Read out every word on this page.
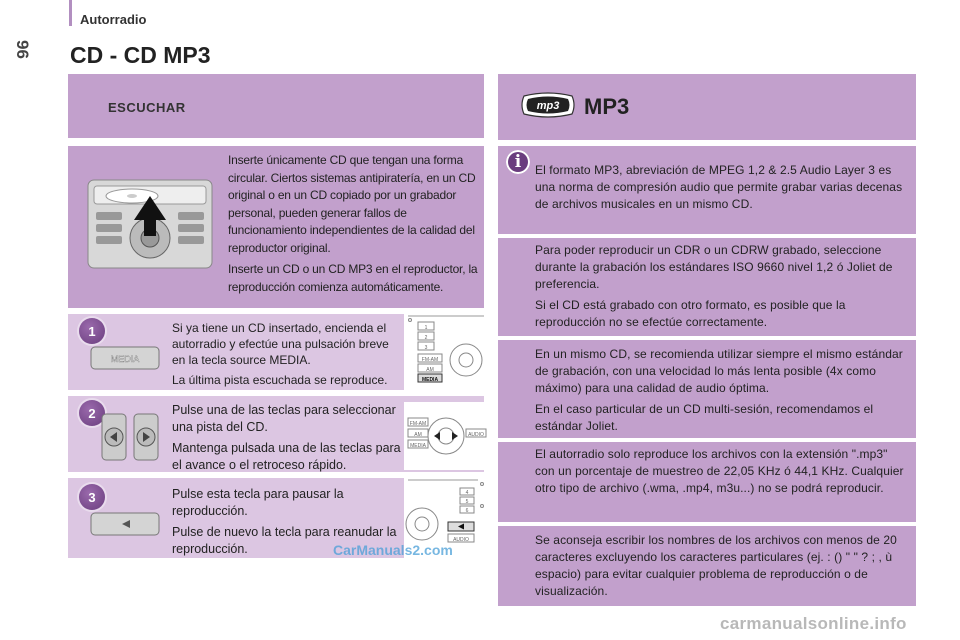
96
Autorradio
CD - CD MP3
ESCUCHAR

Inserte únicamente CD que tengan una forma circular. Ciertos sistemas antipiratería, en un CD original o en un CD copiado por un grabador personal, pueden generar fallos de funcionamiento independientes de la calidad del reproductor original.

Inserte un CD o un CD MP3 en el reproductor, la reproducción comienza automáticamente.

1
MEDIA

Si ya tiene un CD insertado, encienda el autorradio y efectúe una pulsación breve en la tecla source MEDIA.

La última pista escuchada se reproduce.

2	Pulse una de las teclas para seleccionar una pista del CD.

Mantenga pulsada una de las teclas para el avance o el retroceso rápido.

3	Pulse esta tecla para pausar la reproducción.

Pulse de nuevo la tecla para reanudar la reproducción.

1
2
3
FM-AM
AM
MEDIA
FM-AM
AM
MEDIA
AUDIO
4
5
6
AUDIO
mp3 MP3
i	El formato MP3, abreviación de MPEG 1,2 & 2.5 Audio Layer 3 es una norma de compresión audio que permite grabar varias decenas de archivos musicales en un mismo CD.

Para poder reproducir un CDR o un CDRW grabado, seleccione durante la grabación los estándares ISO 9660 nivel 1,2 ó Joliet de preferencia.

Si el CD está grabado con otro formato, es posible que la reproducción no se efectúe correctamente.

En un mismo CD, se recomienda utilizar siempre el mismo estándar de grabación, con una velocidad lo más lenta posible (4x como máximo) para una calidad de audio óptima.

En el caso particular de un CD multi-sesión, recomendamos el estándar Joliet.

El autorradio solo reproduce los archivos con la extensión ".mp3" con un porcentaje de muestreo de 22,05 KHz ó 44,1 KHz. Cualquier otro tipo de archivo (.wma, .mp4, m3u...) no se podrá reproducir.

Se aconseja escribir los nombres de los archivos con menos de 20 caracteres excluyendo los caracteres particulares (ej. : () " " ? ; , ù espacio) para evitar cualquier problema de reproducción o de visualización.

CarManuals2.com
carmanualsonline.info
